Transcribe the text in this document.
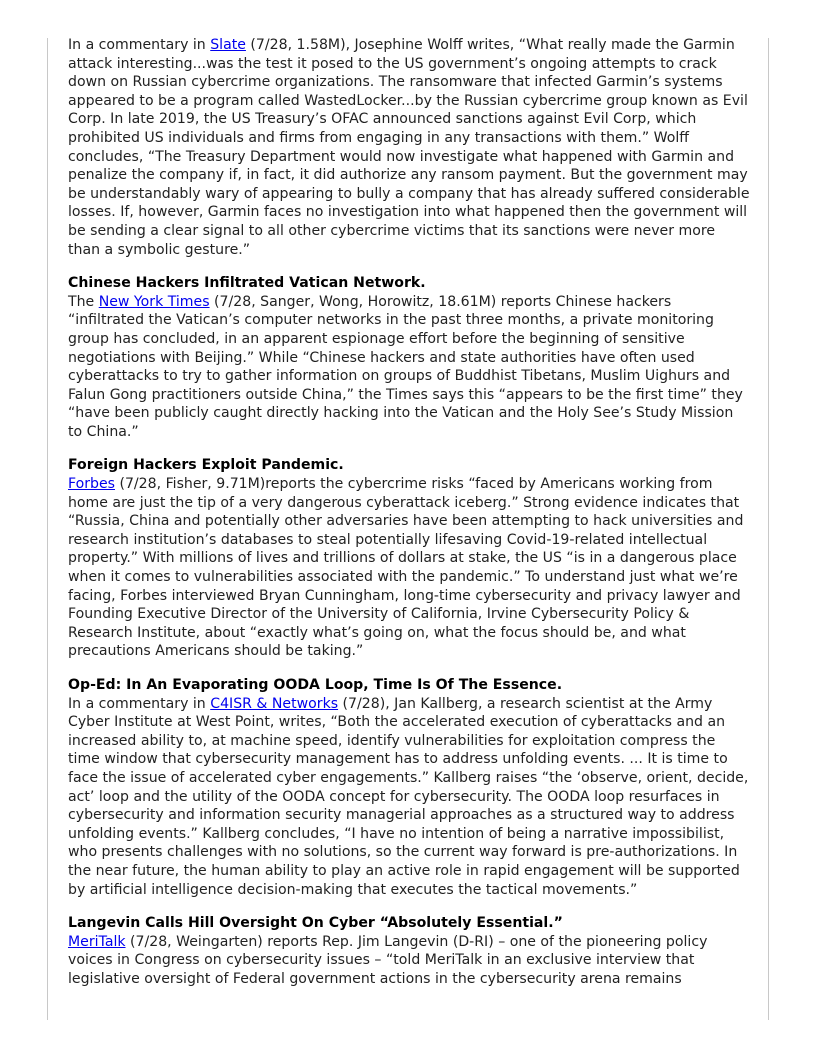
In a commentary in Slate (7/28, 1.58M), Josephine Wolff writes, “What really made the Garmin attack interesting...was the test it posed to the US government’s ongoing attempts to crack down on Russian cybercrime organizations. The ransomware that infected Garmin’s systems appeared to be a program called WastedLocker...by the Russian cybercrime group known as Evil Corp. In late 2019, the US Treasury’s OFAC announced sanctions against Evil Corp, which prohibited US individuals and firms from engaging in any transactions with them.” Wolff concludes, “The Treasury Department would now investigate what happened with Garmin and penalize the company if, in fact, it did authorize any ransom payment. But the government may be understandably wary of appearing to bully a company that has already suffered considerable losses. If, however, Garmin faces no investigation into what happened then the government will be sending a clear signal to all other cybercrime victims that its sanctions were never more than a symbolic gesture.”

Chinese Hackers Infiltrated Vatican Network.

The New York Times (7/28, Sanger, Wong, Horowitz, 18.61M) reports Chinese hackers “infiltrated the Vatican’s computer networks in the past three months, a private monitoring group has concluded, in an apparent espionage effort before the beginning of sensitive negotiations with Beijing.” While “Chinese hackers and state authorities have often used cyberattacks to try to gather information on groups of Buddhist Tibetans, Muslim Uighurs and Falun Gong practitioners outside China,” the Times says this “appears to be the first time” they “have been publicly caught directly hacking into the Vatican and the Holy See’s Study Mission to China.”

Foreign Hackers Exploit Pandemic.

Forbes (7/28, Fisher, 9.71M)reports the cybercrime risks “faced by Americans working from home are just the tip of a very dangerous cyberattack iceberg.” Strong evidence indicates that “Russia, China and potentially other adversaries have been attempting to hack universities and research institution’s databases to steal potentially lifesaving Covid-19-related intellectual property.” With millions of lives and trillions of dollars at stake, the US “is in a dangerous place when it comes to vulnerabilities associated with the pandemic.” To understand just what we’re facing, Forbes interviewed Bryan Cunningham, long-time cybersecurity and privacy lawyer and Founding Executive Director of the University of California, Irvine Cybersecurity Policy & Research Institute, about “exactly what’s going on, what the focus should be, and what precautions Americans should be taking.”

Op-Ed: In An Evaporating OODA Loop, Time Is Of The Essence.

In a commentary in C4ISR & Networks (7/28), Jan Kallberg, a research scientist at the Army Cyber Institute at West Point, writes, “Both the accelerated execution of cyberattacks and an increased ability to, at machine speed, identify vulnerabilities for exploitation compress the time window that cybersecurity management has to address unfolding events. ... It is time to face the issue of accelerated cyber engagements.” Kallberg raises “the ‘observe, orient, decide, act’ loop and the utility of the OODA concept for cybersecurity. The OODA loop resurfaces in cybersecurity and information security managerial approaches as a structured way to address unfolding events.” Kallberg concludes, “I have no intention of being a narrative impossibilist, who presents challenges with no solutions, so the current way forward is pre-authorizations. In the near future, the human ability to play an active role in rapid engagement will be supported by artificial intelligence decision-making that executes the tactical movements.”

Langevin Calls Hill Oversight On Cyber “Absolutely Essential.”

MeriTalk (7/28, Weingarten) reports Rep. Jim Langevin (D-RI) – one of the pioneering policy voices in Congress on cybersecurity issues – “told MeriTalk in an exclusive interview that legislative oversight of Federal government actions in the cybersecurity arena remains
